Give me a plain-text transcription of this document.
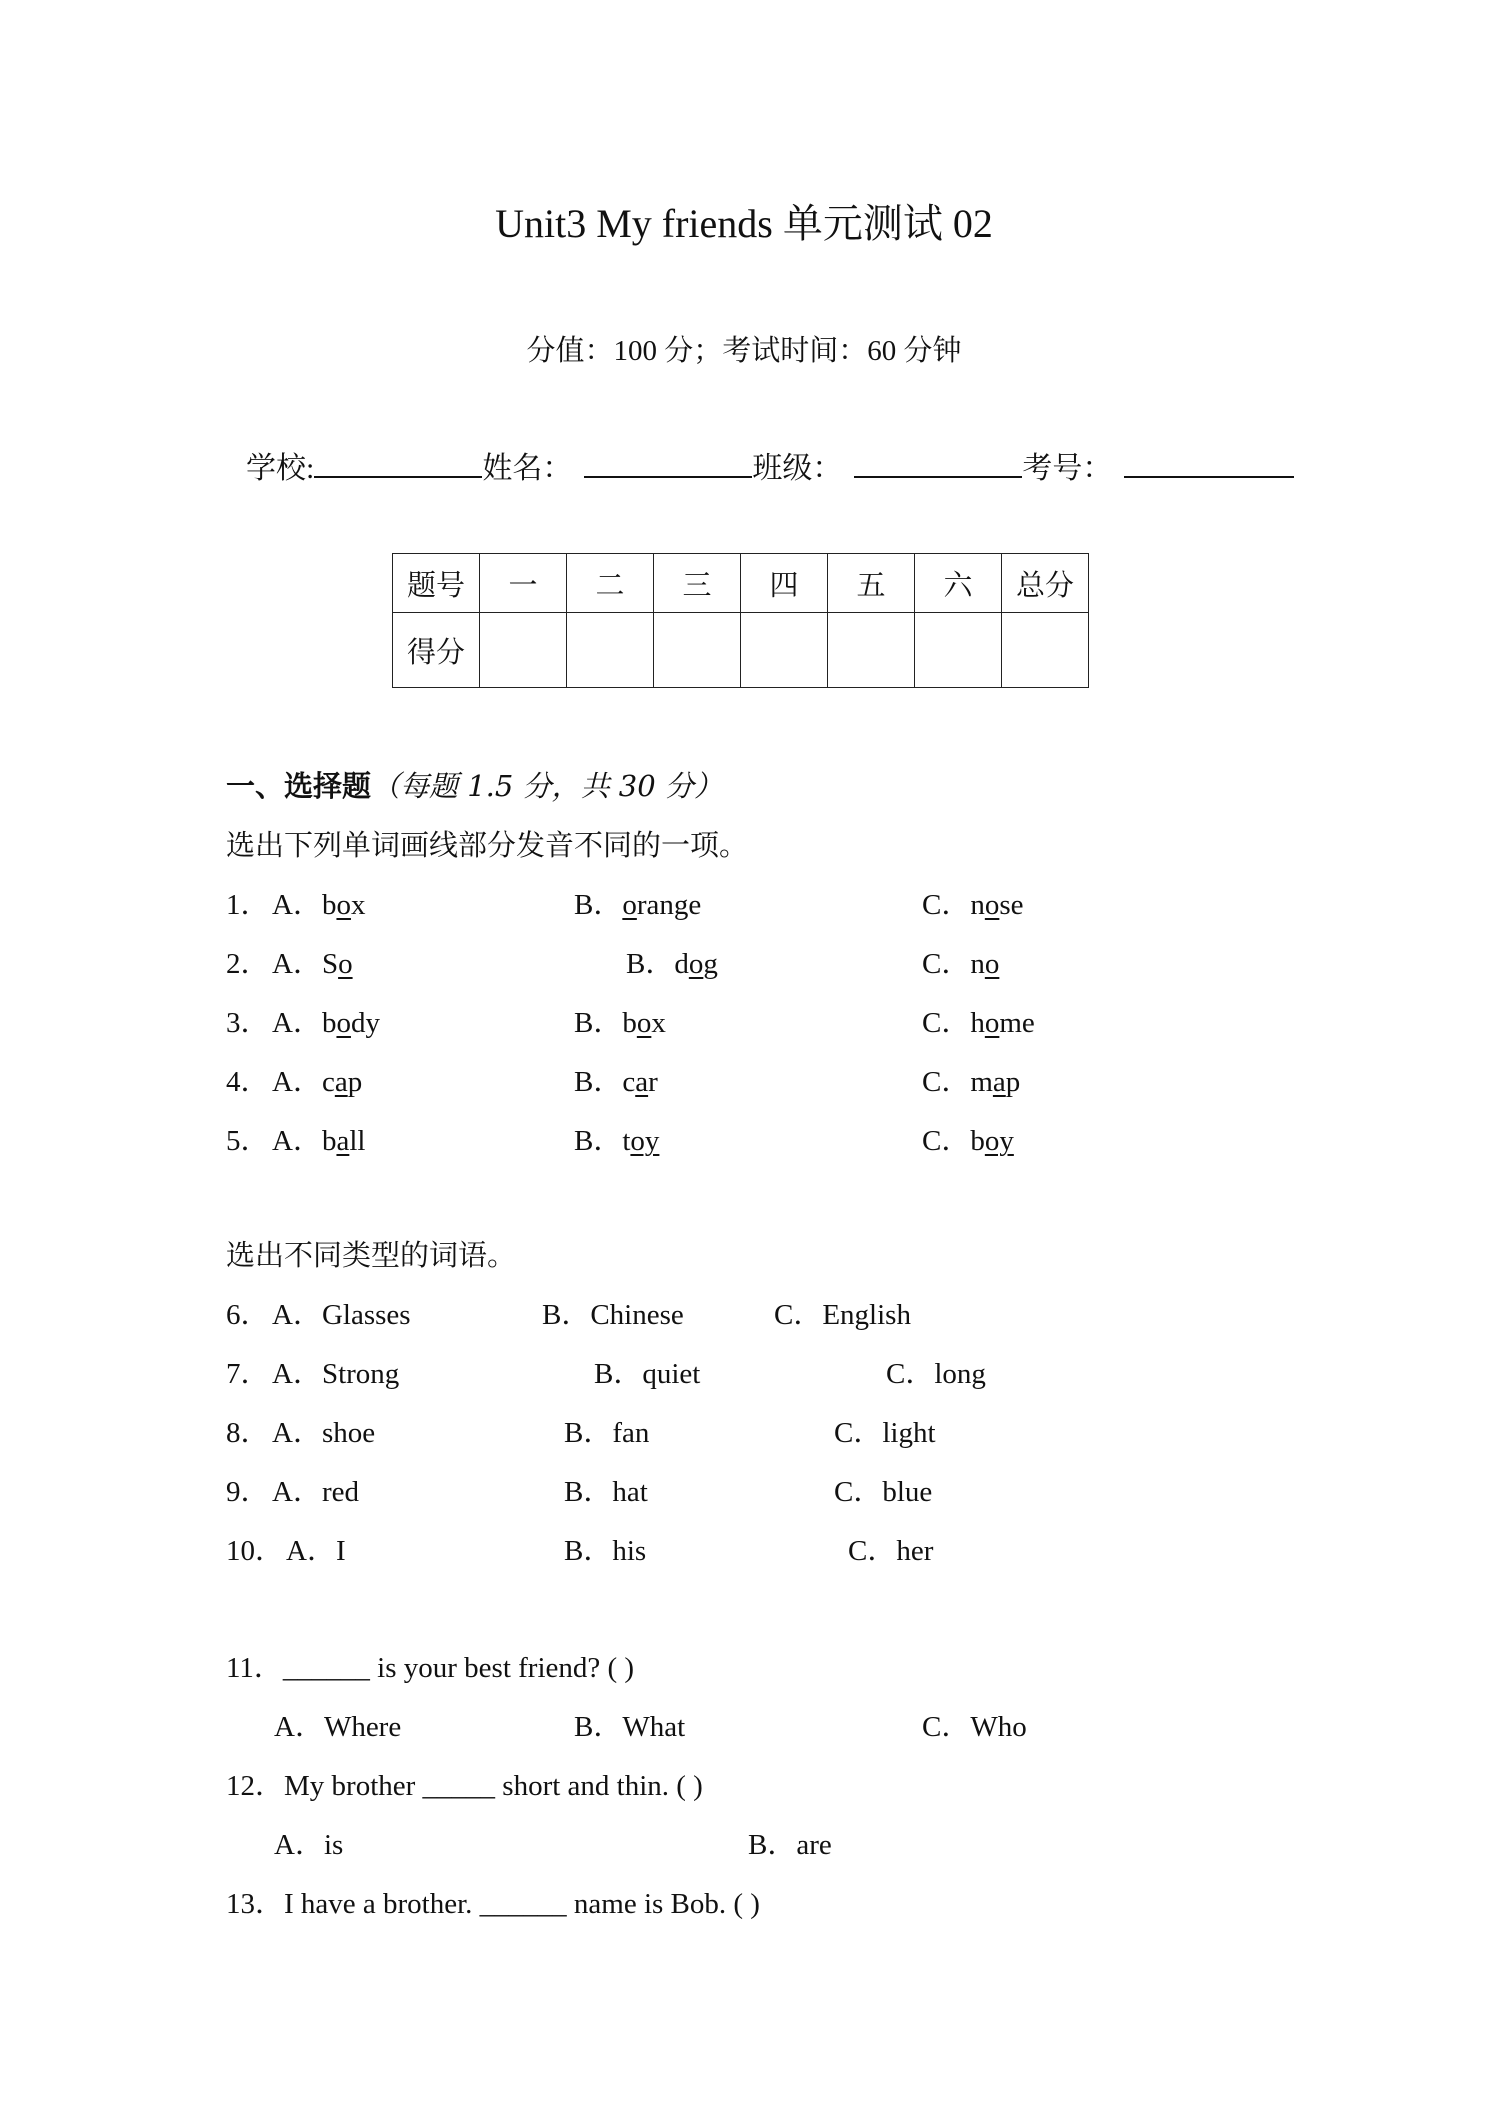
Unit3 My friends 单元测试 02
分值：100 分；考试时间：60 分钟
学校:	姓名：	班级：	考号：
题号	一	二	三	四	五	六	总分
得分							
一、选择题（每题 1.5 分，共 30 分）
选出下列单词画线部分发音不同的一项。
1． A．box	B．orange	C．nose
2． A．So	B．dog	C．no
3． A．body	B．box	C．home
4． A．cap	B．car	C．map
5． A．ball	B．toy	C．boy
选出不同类型的词语。
6． A．Glasses	B．Chinese	C．English
7． A．Strong	B．quiet	C．long
8． A．shoe	B．fan	C．light
9． A．red	B．hat	C．blue
10． A．I	B．his	C．her
11．______ is your best friend? ( )
A．Where	B．What	C．Who
12．My brother _____ short and thin. ( )
A．is	B．are
13．I have a brother. ______ name is Bob. ( )
